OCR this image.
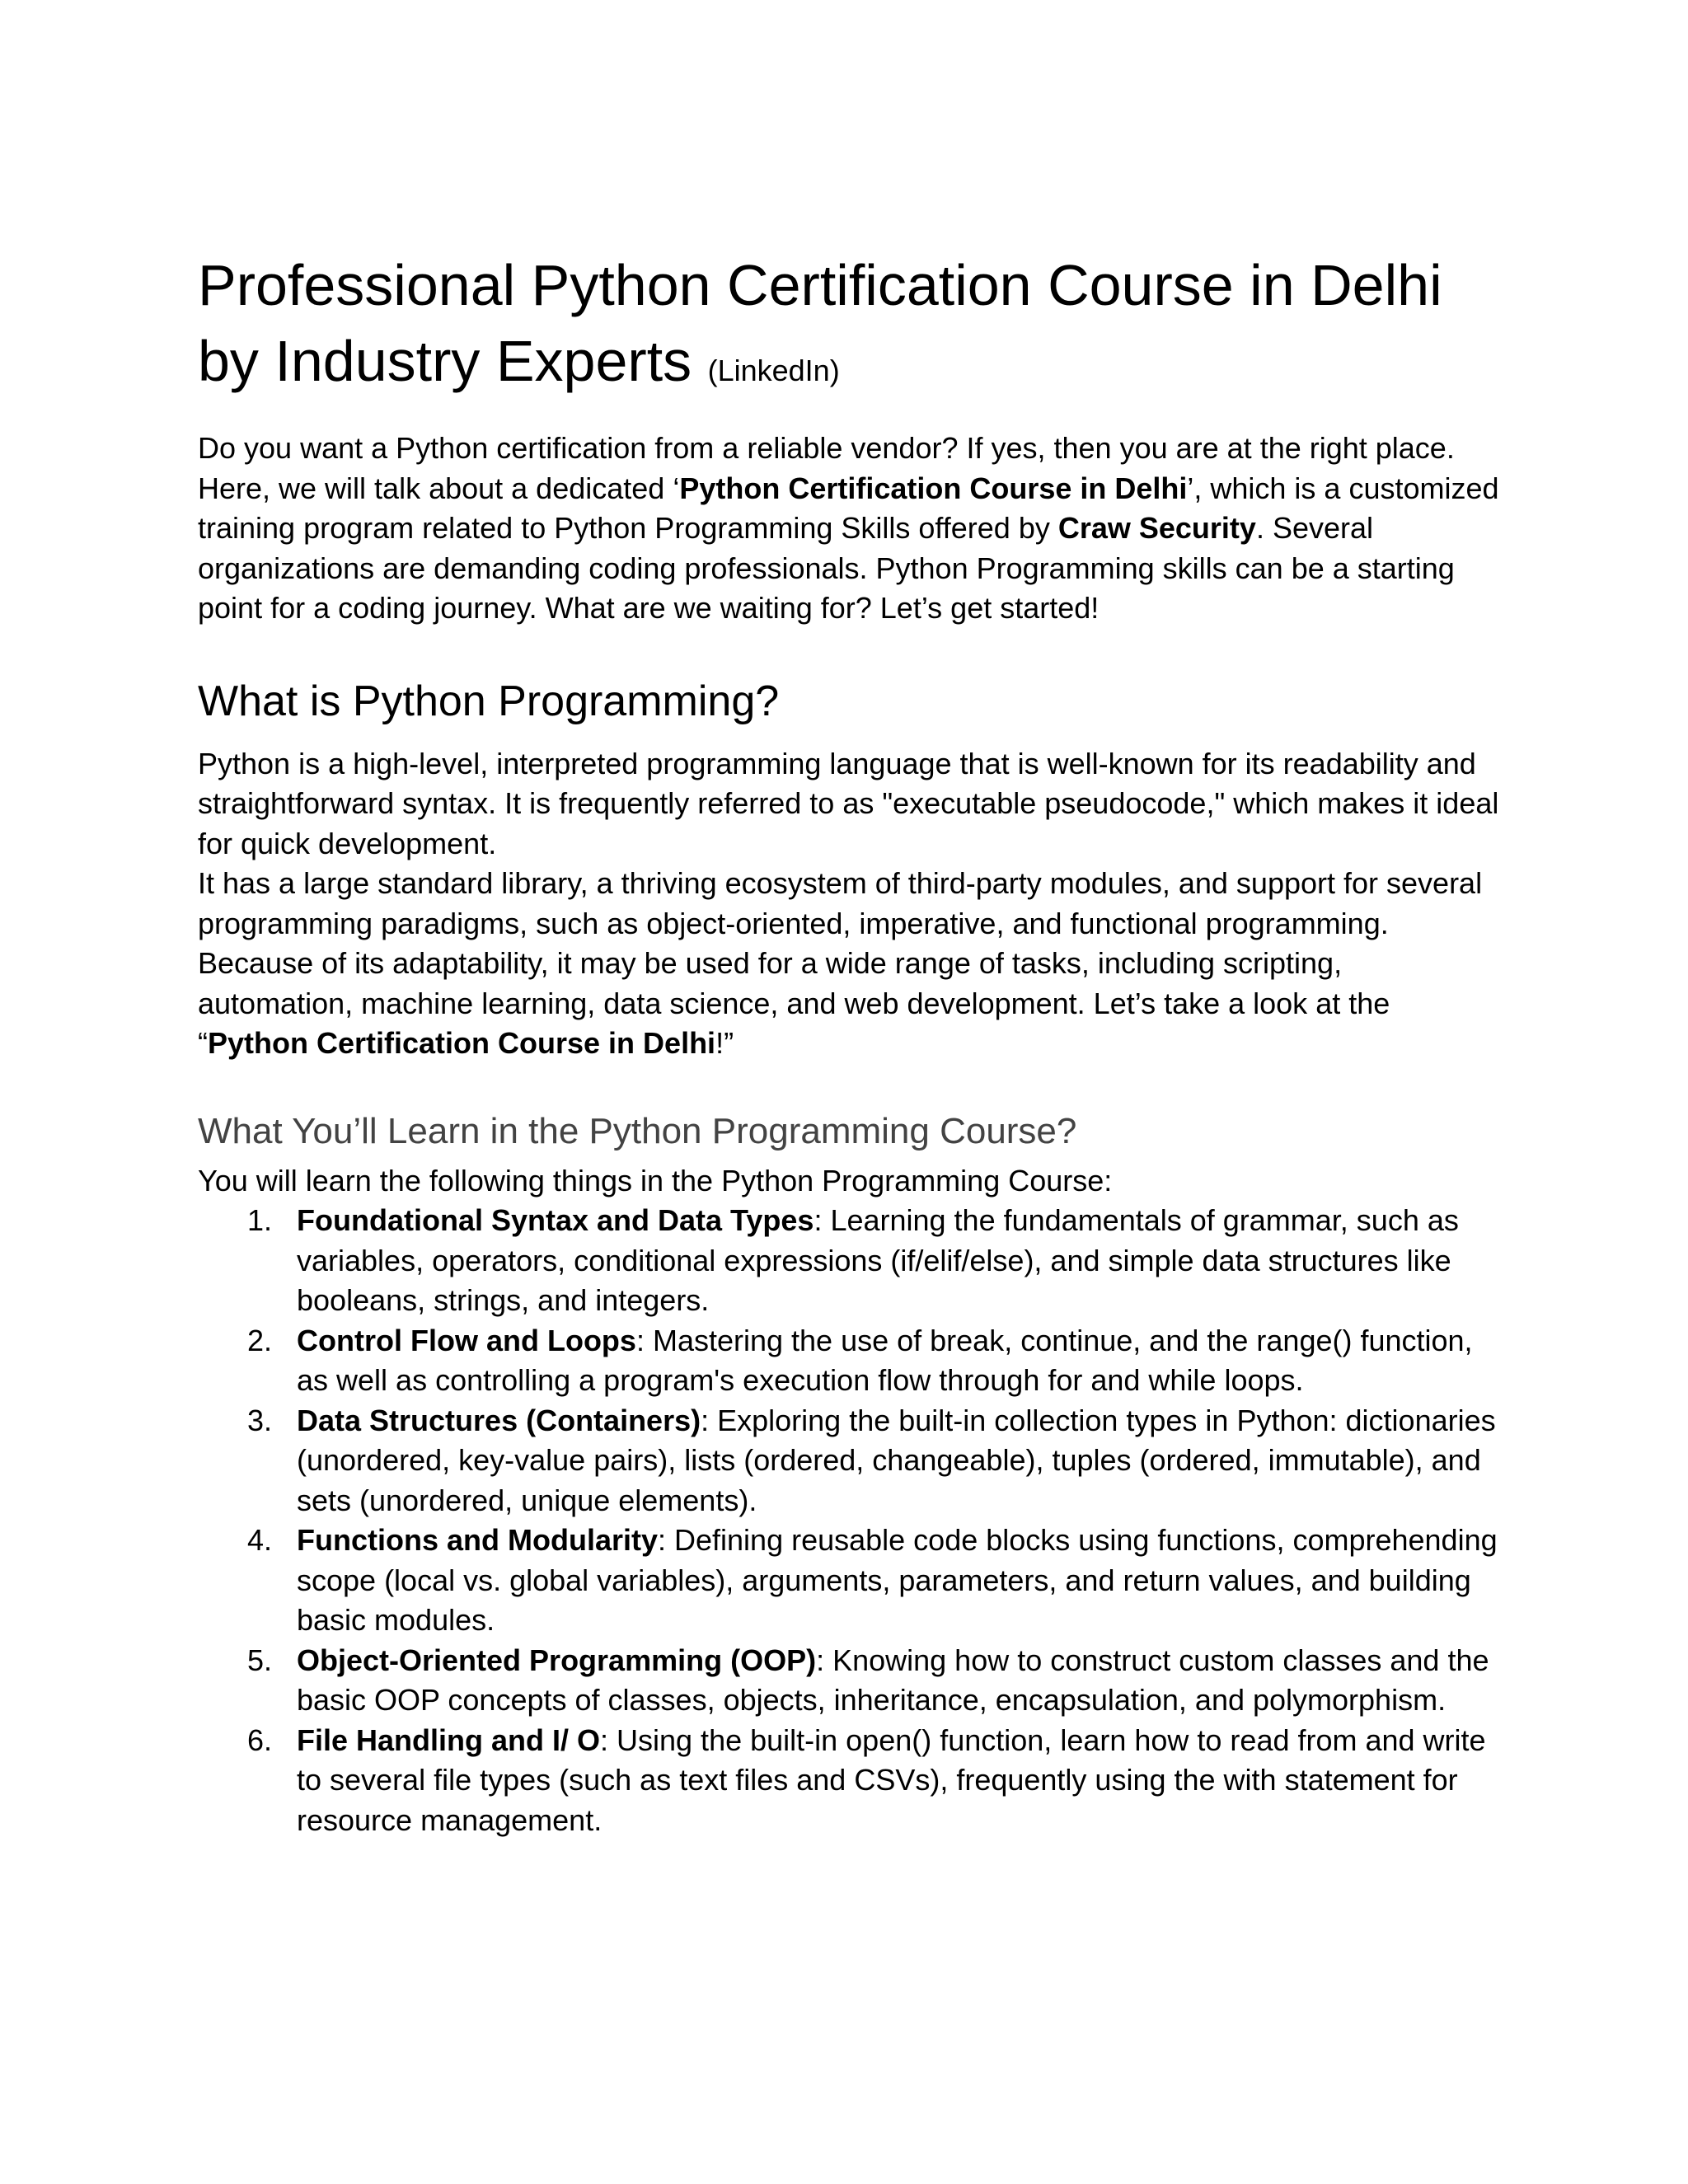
Professional Python Certification Course in Delhi by Industry Experts (LinkedIn)

Do you want a Python certification from a reliable vendor? If yes, then you are at the right place. Here, we will talk about a dedicated ‘Python Certification Course in Delhi’, which is a customized training program related to Python Programming Skills offered by Craw Security. Several organizations are demanding coding professionals. Python Programming skills can be a starting point for a coding journey. What are we waiting for? Let’s get started!

What is Python Programming?

Python is a high-level, interpreted programming language that is well-known for its readability and straightforward syntax. It is frequently referred to as "executable pseudocode," which makes it ideal for quick development.

It has a large standard library, a thriving ecosystem of third-party modules, and support for several programming paradigms, such as object-oriented, imperative, and functional programming.

Because of its adaptability, it may be used for a wide range of tasks, including scripting, automation, machine learning, data science, and web development. Let’s take a look at the “Python Certification Course in Delhi!”

What You’ll Learn in the Python Programming Course?

You will learn the following things in the Python Programming Course:

1. Foundational Syntax and Data Types: Learning the fundamentals of grammar, such as variables, operators, conditional expressions (if/elif/else), and simple data structures like booleans, strings, and integers.
2. Control Flow and Loops: Mastering the use of break, continue, and the range() function, as well as controlling a program's execution flow through for and while loops.
3. Data Structures (Containers): Exploring the built-in collection types in Python: dictionaries (unordered, key-value pairs), lists (ordered, changeable), tuples (ordered, immutable), and sets (unordered, unique elements).
4. Functions and Modularity: Defining reusable code blocks using functions, comprehending scope (local vs. global variables), arguments, parameters, and return values, and building basic modules.
5. Object-Oriented Programming (OOP): Knowing how to construct custom classes and the basic OOP concepts of classes, objects, inheritance, encapsulation, and polymorphism.
6. File Handling and I/ O: Using the built-in open() function, learn how to read from and write to several file types (such as text files and CSVs), frequently using the with statement for resource management.
